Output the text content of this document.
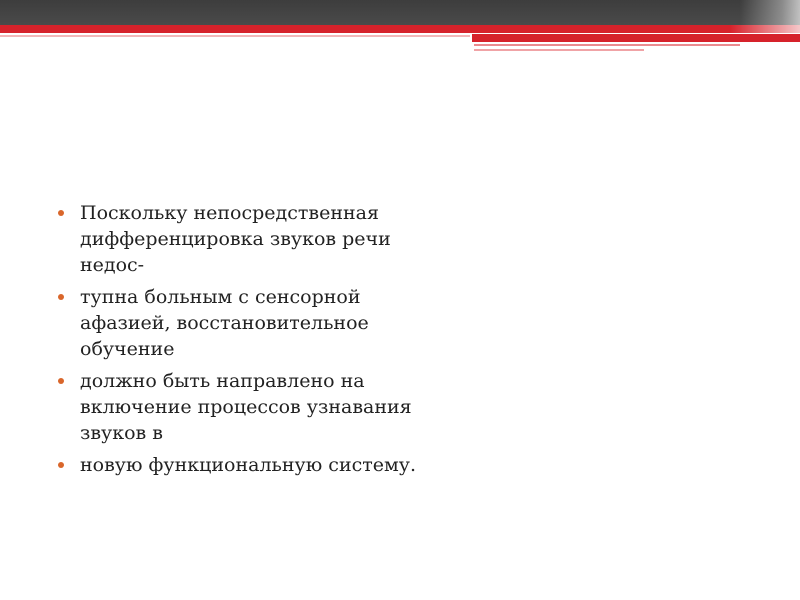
Поскольку непосредственная дифференцировка звуков речи недос-
тупна больным с сенсорной афазией, восстановительное обучение
должно быть направлено на включение процессов узнавания звуков в
новую функциональную систему.
